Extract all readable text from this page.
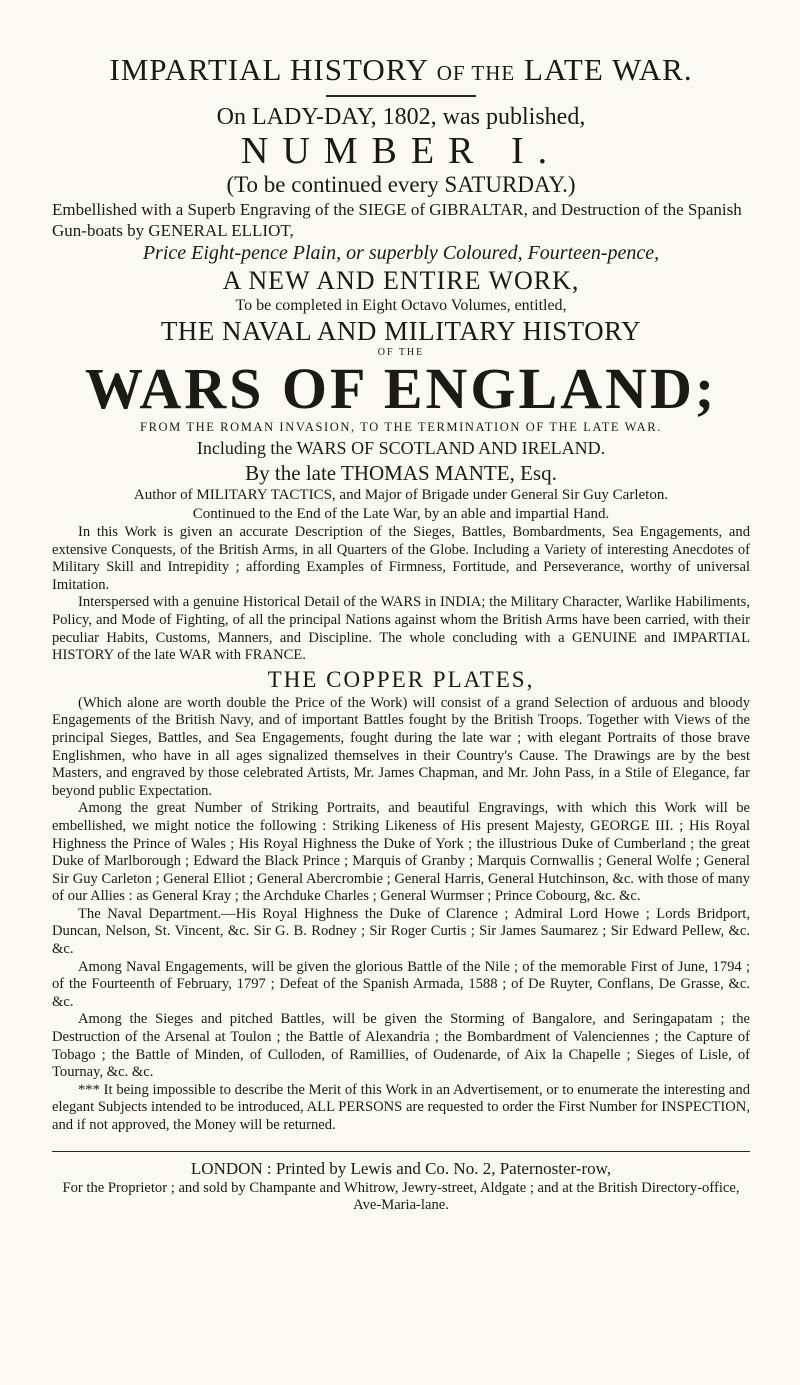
IMPARTIAL HISTORY OF THE LATE WAR.
On LADY-DAY, 1802, was published,
NUMBER I.
(To be continued every SATURDAY.)
Embellished with a Superb Engraving of the SIEGE of GIBRALTAR, and Destruction of the Spanish Gun-boats by GENERAL ELLIOT,
Price Eight-pence Plain, or superbly Coloured, Fourteen-pence,
A NEW AND ENTIRE WORK,
To be completed in Eight Octavo Volumes, entitled,
THE NAVAL AND MILITARY HISTORY
OF THE
WARS OF ENGLAND;
FROM THE ROMAN INVASION, TO THE TERMINATION OF THE LATE WAR.
Including the WARS OF SCOTLAND AND IRELAND.
By the late THOMAS MANTE, Esq.
Author of MILITARY TACTICS, and Major of Brigade under General Sir Guy Carleton.
Continued to the End of the Late War, by an able and impartial Hand.

In this Work is given an accurate Description of the Sieges, Battles, Bombardments, Sea Engagements, and extensive Conquests, of the British Arms, in all Quarters of the Globe. Including a Variety of interesting Anecdotes of Military Skill and Intrepidity ; affording Examples of Firmness, Fortitude, and Perseverance, worthy of universal Imitation.

Interspersed with a genuine Historical Detail of the WARS in INDIA; the Military Character, Warlike Habiliments, Policy, and Mode of Fighting, of all the principal Nations against whom the British Arms have been carried, with their peculiar Habits, Customs, Manners, and Discipline. The whole concluding with a GENUINE and IMPARTIAL HISTORY of the late WAR with FRANCE.

THE COPPER PLATES,

(Which alone are worth double the Price of the Work) will consist of a grand Selection of arduous and bloody Engagements of the British Navy, and of important Battles fought by the British Troops. Together with Views of the principal Sieges, Battles, and Sea Engagements, fought during the late war ; with elegant Portraits of those brave Englishmen, who have in all ages signalized themselves in their Country's Cause. The Drawings are by the best Masters, and engraved by those celebrated Artists, Mr. James Chapman, and Mr. John Pass, in a Stile of Elegance, far beyond public Expectation.

Among the great Number of Striking Portraits, and beautiful Engravings, with which this Work will be embellished, we might notice the following : Striking Likeness of His present Majesty, GEORGE III. ; His Royal Highness the Prince of Wales ; His Royal Highness the Duke of York ; the illustrious Duke of Cumberland ; the great Duke of Marlborough ; Edward the Black Prince ; Marquis of Granby ; Marquis Cornwallis ; General Wolfe ; General Sir Guy Carleton ; General Elliot ; General Abercrombie ; General Harris, General Hutchinson, &c. with those of many of our Allies : as General Kray ; the Archduke Charles ; General Wurmser ; Prince Cobourg, &c. &c.

The Naval Department.—His Royal Highness the Duke of Clarence ; Admiral Lord Howe ; Lords Bridport, Duncan, Nelson, St. Vincent, &c. Sir G. B. Rodney ; Sir Roger Curtis ; Sir James Saumarez ; Sir Edward Pellew, &c. &c.

Among Naval Engagements, will be given the glorious Battle of the Nile ; of the memorable First of June, 1794 ; of the Fourteenth of February, 1797 ; Defeat of the Spanish Armada, 1588 ; of De Ruyter, Conflans, De Grasse, &c. &c.

Among the Sieges and pitched Battles, will be given the Storming of Bangalore, and Seringapatam ; the Destruction of the Arsenal at Toulon ; the Battle of Alexandria ; the Bombardment of Valenciennes ; the Capture of Tobago ; the Battle of Minden, of Culloden, of Ramillies, of Oudenarde, of Aix la Chapelle ; Sieges of Lisle, of Tournay, &c. &c.

*** It being impossible to describe the Merit of this Work in an Advertisement, or to enumerate the interesting and elegant Subjects intended to be introduced, ALL PERSONS are requested to order the First Number for INSPECTION, and if not approved, the Money will be returned.

LONDON : Printed by Lewis and Co. No. 2, Paternoster-row,
For the Proprietor ; and sold by Champante and Whitrow, Jewry-street, Aldgate ; and at the British Directory-office, Ave-Maria-lane.
